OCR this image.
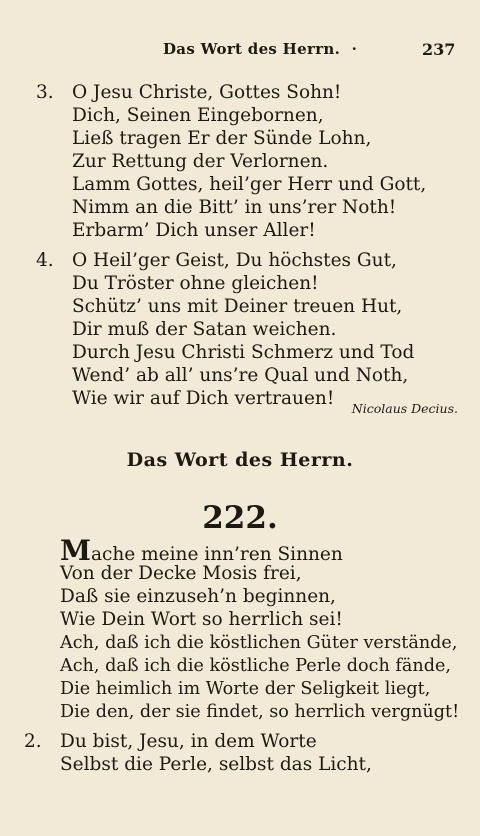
Das Wort des Herrn. ·	237
3. O Jesu Christe, Gottes Sohn!
Dich, Seinen Eingebornen,
Ließ tragen Er der Sünde Lohn,
Zur Rettung der Verlornen.
Lamm Gottes, heil’ger Herr und Gott,
Nimm an die Bitt’ in uns’rer Noth!
Erbarm’ Dich unser Aller!
4. O Heil’ger Geist, Du höchstes Gut,
Du Tröster ohne gleichen!
Schütz’ uns mit Deiner treuen Hut,
Dir muß der Satan weichen.
Durch Jesu Christi Schmerz und Tod
Wend’ ab all’ uns’re Qual und Noth,
Wie wir auf Dich vertrauen! Nicolaus Decius.
Das Wort des Herrn.
222.
Mache meine inn’ren Sinnen
Von der Decke Mosis frei,
Daß sie einzuseh’n beginnen,
Wie Dein Wort so herrlich sei!
Ach, daß ich die köstlichen Güter verstände,
Ach, daß ich die köstliche Perle doch fände,
Die heimlich im Worte der Seligkeit liegt,
Die den, der sie findet, so herrlich vergnügt!
2. Du bist, Jesu, in dem Worte
Selbst die Perle, selbst das Licht,
